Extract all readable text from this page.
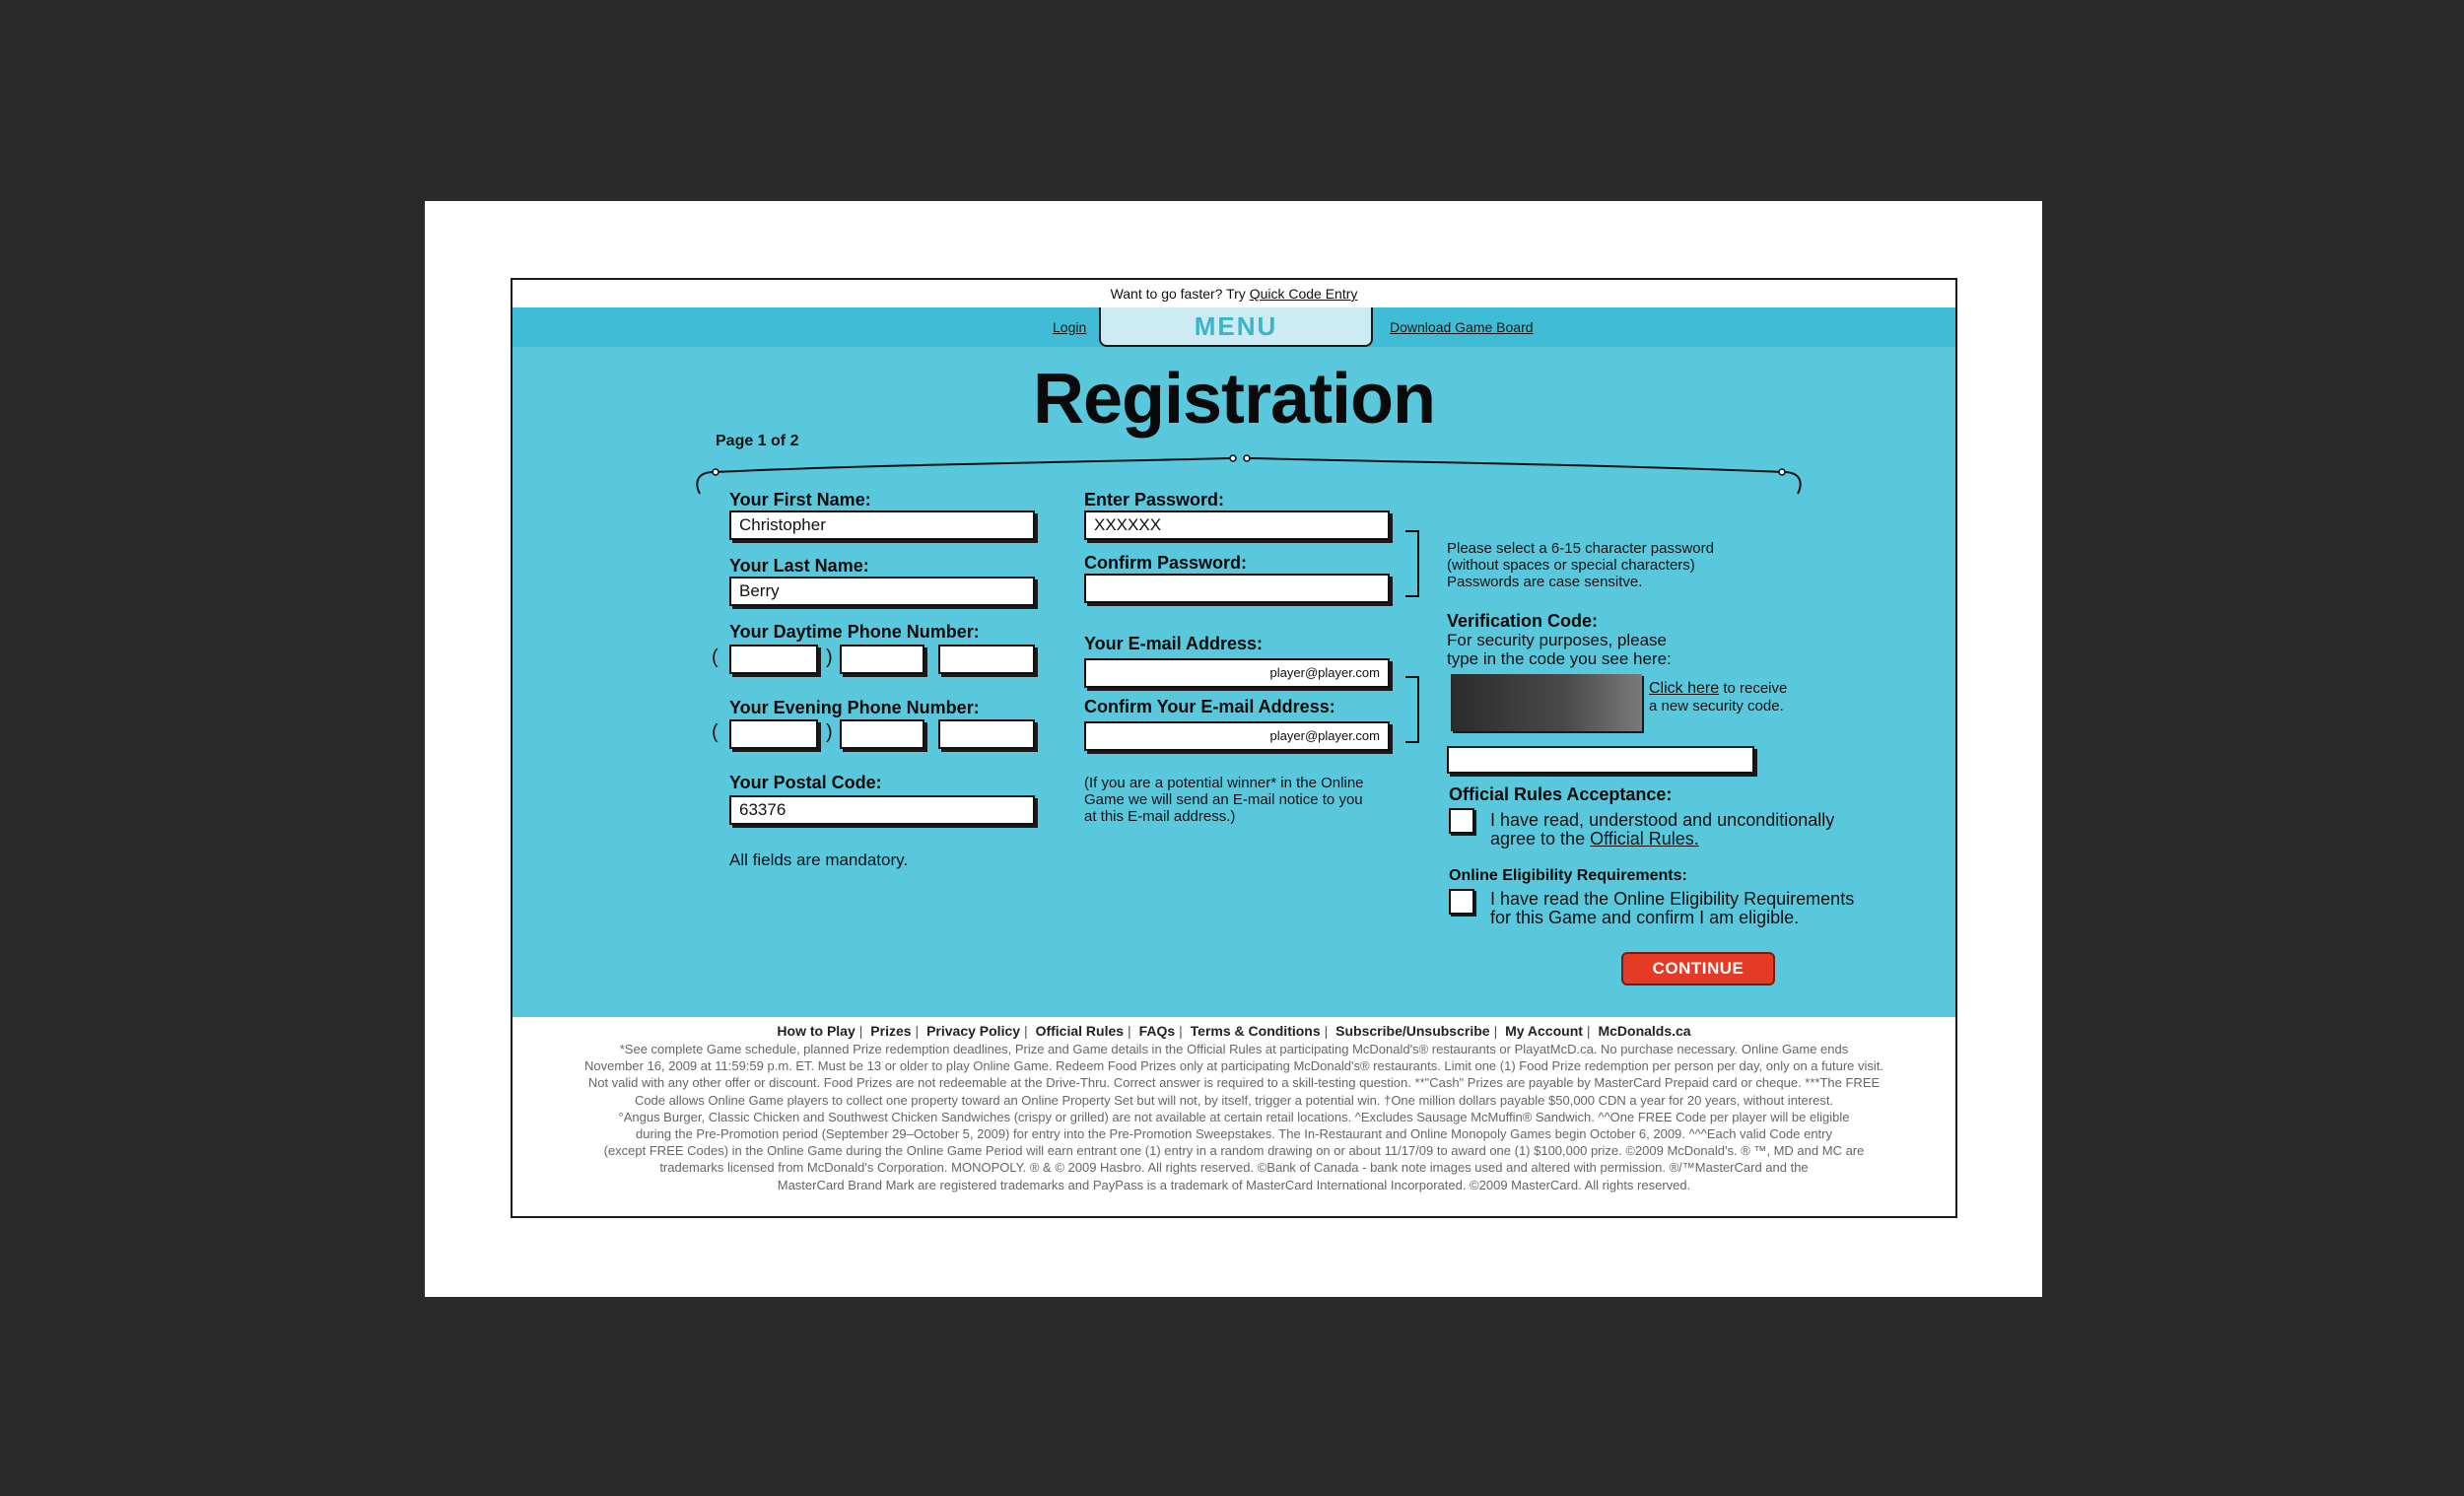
Want to go faster? Try Quick Code Entry
Login	MENU	Download Game Board
Registration
Page 1 of 2
Your First Name:
Christopher
Your Last Name:
Berry
Your Daytime Phone Number:
(	)
Your Evening Phone Number:
(	)
Your Postal Code:
63376
All fields are mandatory.
Enter Password:
XXXXXX
Confirm Password:
Your E-mail Address:
player@player.com
Confirm Your E-mail Address:
player@player.com
(If you are a potential winner* in the Online
Game we will send an E-mail notice to you
at this E-mail address.)
Please select a 6-15 character password
(without spaces or special characters)
Passwords are case sensitve.
Verification Code:
For security purposes, please
type in the code you see here:
Click here to receive
a new security code.
Official Rules Acceptance:
I have read, understood and unconditionally
agree to the Official Rules.
Online Eligibility Requirements:
I have read the Online Eligibility Requirements
for this Game and confirm I am eligible.
CONTINUE
How to Play | Prizes | Privacy Policy | Official Rules | FAQs | Terms & Conditions | Subscribe/Unsubscribe | My Account | McDonalds.ca
*See complete Game schedule, planned Prize redemption deadlines, Prize and Game details in the Official Rules at participating McDonald's® restaurants or PlayatMcD.ca. No purchase necessary. Online Game ends
November 16, 2009 at 11:59:59 p.m. ET. Must be 13 or older to play Online Game. Redeem Food Prizes only at participating McDonald's® restaurants. Limit one (1) Food Prize redemption per person per day, only on a future visit.
Not valid with any other offer or discount. Food Prizes are not redeemable at the Drive-Thru. Correct answer is required to a skill-testing question. **"Cash" Prizes are payable by MasterCard Prepaid card or cheque. ***The FREE
Code allows Online Game players to collect one property toward an Online Property Set but will not, by itself, trigger a potential win. †One million dollars payable $50,000 CDN a year for 20 years, without interest.
°Angus Burger, Classic Chicken and Southwest Chicken Sandwiches (crispy or grilled) are not available at certain retail locations. ^Excludes Sausage McMuffin® Sandwich. ^^One FREE Code per player will be eligible
during the Pre-Promotion period (September 29–October 5, 2009) for entry into the Pre-Promotion Sweepstakes. The In-Restaurant and Online Monopoly Games begin October 6, 2009. ^^^Each valid Code entry
(except FREE Codes) in the Online Game during the Online Game Period will earn entrant one (1) entry in a random drawing on or about 11/17/09 to award one (1) $100,000 prize. ©2009 McDonald's. ® ™, MD and MC are
trademarks licensed from McDonald's Corporation. MONOPOLY. ® & © 2009 Hasbro. All rights reserved. ©Bank of Canada - bank note images used and altered with permission. ®/™MasterCard and the
MasterCard Brand Mark are registered trademarks and PayPass is a trademark of MasterCard International Incorporated. ©2009 MasterCard. All rights reserved.
